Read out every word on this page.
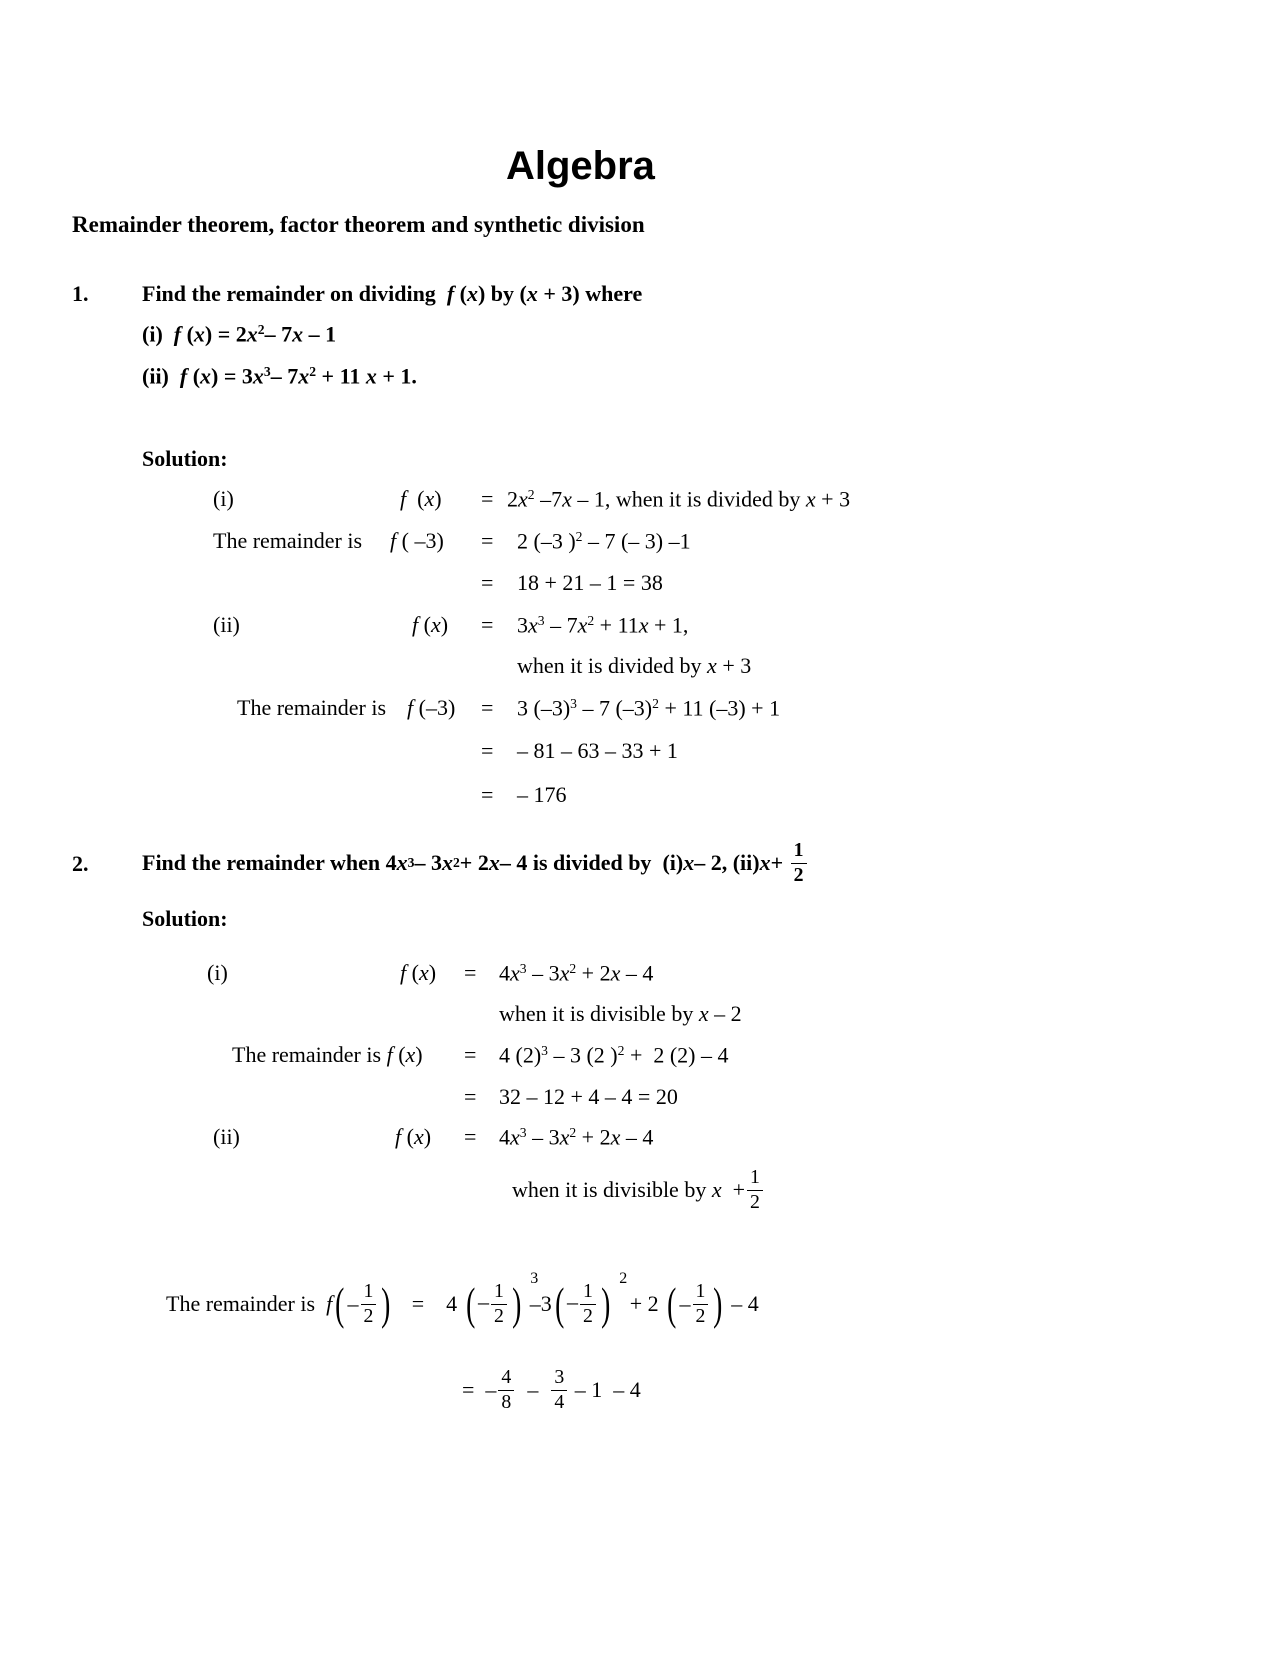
Algebra
Remainder theorem, factor theorem and synthetic division
1. Find the remainder on dividing f (x) by (x + 3) where
(i) f $(x) = 2x^2-$ 7x – 1
(ii) f $(x) = 3x^3-$ $7x^2 + 11$ x + 1.
Solution:
(i)	f  $(x) = 2x^2$ –7x – 1, when it is divided by x + 3
The remainder is f ( –3) = 2 (–3 )$^2$ – 7 (– 3) –1
= 18 + 21 – 1 = 38
(ii)	f $(x) = 3x^3 - 7x^2 + 11x + 1$,
when it is divided by x + 3
The remainder is f (–3) = 3 $(-3)^3 - 7$ $(-3)^2 + 11$ (–3) + 1
= – 81 – 63 – 33 + 1
= – 176
2. Find the remainder when 4 x 3 – 3 x 2 + 2 x – 4 is divided by (i) x – 2, (ii) $x + \frac{1}{2}$
Solution:
(i)	f $(x) = 4x^3 - 3x^2 + 2x - 4$
when it is divisible by x – 2
The remainder is f (x) = 4 $(2)^3 - 3$ (2 )$^2$ +  2 (2) – 4
= 32 – 12 + 4 – 4 = 20
(ii)	f $(x) = 4x^3 - 3x^2 + 2x - 4$
when it is divisible by
$x + \frac{1}{2}$
The remainder is
f ( – $\frac{1}{2}$ ) = 4 ( – $\frac{1}{2}$ ) 3
–3 ( – $\frac{1}{2}$ ) 2
+ 2 ( – $\frac{1}{2}$ ) – 4
= – $\frac{4}{8} - \frac{3}{4} - 1 - 4$
